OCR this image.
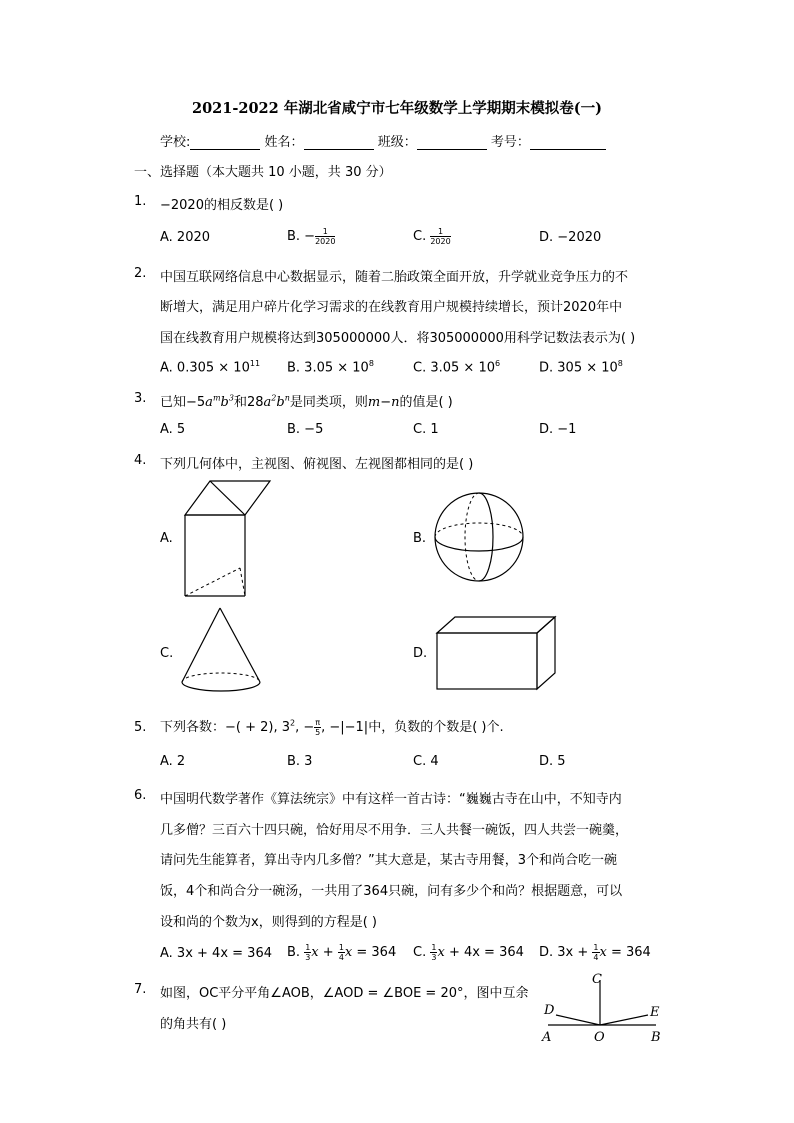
2021-2022 年湖北省咸宁市七年级数学上学期期末模拟卷(一)
学校:	姓名：	班级：	考号：
一、选择题（本大题共 10 小题，共 30 分）
1. −2020的相反数是( )
A. 2020	B. − $\frac{1}{2020}$	C. $\frac{1}{2020}$	D. −2020
2. 中国互联网络信息中心数据显示，随着二胎政策全面开放，升学就业竞争压力的不
断增大，满足用户碎片化学习需求的在线教育用户规模持续增长，预计2020年中
国在线教育用户规模将达到305000000人．将305000000用科学记数法表示为( )
A. $0.305 \times 10^{11}$ B. $3.05 \times 10^8$	C. $3.05 \times 10^6$	D. $305 \times 10^8$
3. 已知$-5a^mb^3$和$28a^2b^n$是同类项，则m−n的值是( )
A. 5	B. −5	C. 1	D. −1
4. 下列几何体中，主视图、俯视图、左视图都相同的是( )
A.	B.
C.	D.
5. 下列各数：−( + 2), $3^2$, − $\frac{\pi}{5}$ , −|−1|中，负数的个数是( )个.
A. 2	B. 3	C. 4	D. 5
6. 中国明代数学著作《算法统宗》中有这样一首古诗：“巍巍古寺在山中，不知寺内
几多僧？三百六十四只碗，恰好用尽不用争．三人共餐一碗饭，四人共尝一碗羹，
请问先生能算者，算出寺内几多僧？”其大意是，某古寺用餐，3个和尚合吃一碗
饭，4个和尚合分一碗汤，一共用了364只碗，问有多少个和尚？根据题意，可以
设和尚的个数为x，则得到的方程是( )
A. 3x + 4x = 364 B. $\frac{1}{3}$ $x + \frac{1}{4}$ x = 364 C. $\frac{1}{3}$ x + 4x = 364 D. $3x + \frac{1}{4}$ x = 364
7. 如图，OC平分平角∠AOB，∠AOD = ∠BOE = 20°，图中互余
的角共有( )
C
D	E
A	O	B
